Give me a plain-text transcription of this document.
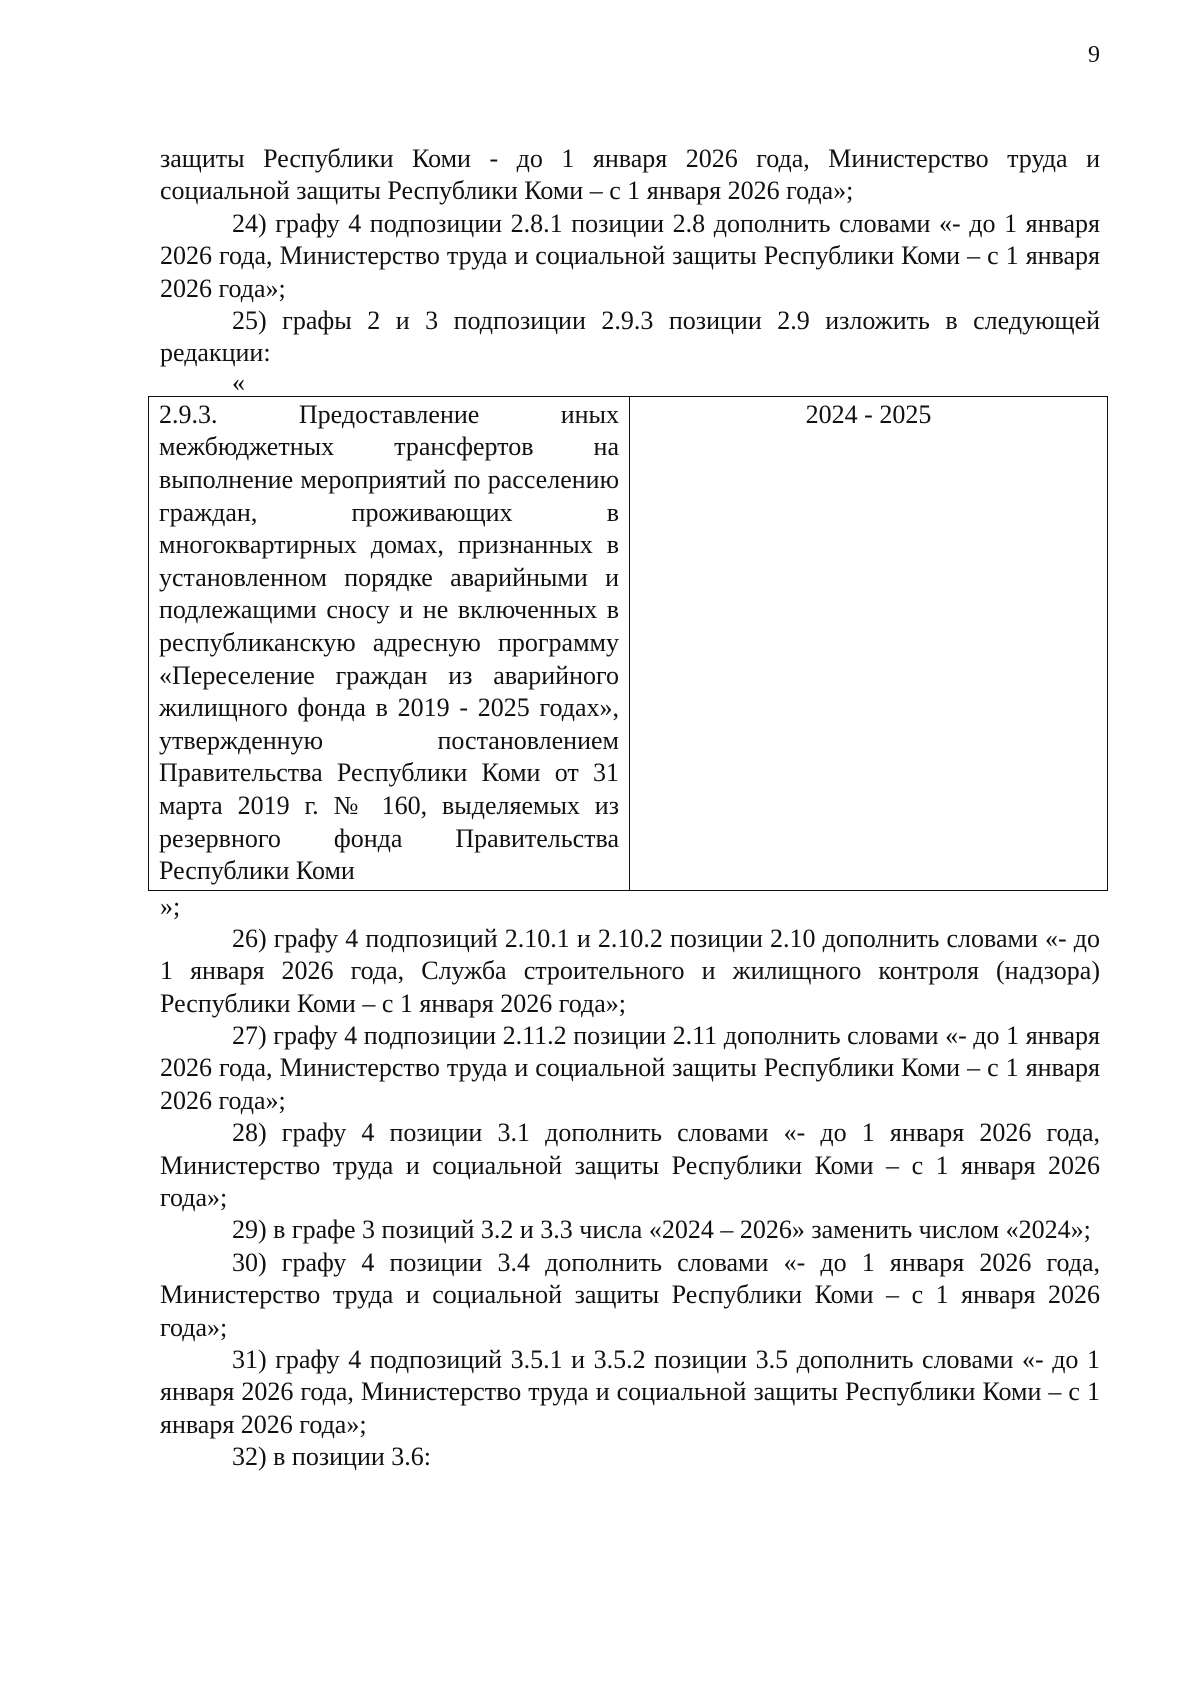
9

защиты Республики Коми - до 1 января 2026 года, Министерство труда и социальной защиты Республики Коми – с 1 января 2026 года»;

24) графу 4 подпозиции 2.8.1 позиции 2.8 дополнить словами «- до 1 января 2026 года, Министерство труда и социальной защиты Республики Коми – с 1 января 2026 года»;

25) графы 2 и 3 подпозиции 2.9.3 позиции 2.9 изложить в следующей редакции:

«

2.9.3. Предоставление иных межбюджетных трансфертов на выполнение мероприятий по расселению граждан, проживающих в многоквартирных домах, признанных в установленном порядке аварийными и подлежащими сносу и не включенных в республиканскую адресную программу «Переселение граждан из аварийного жилищного фонда в 2019 - 2025 годах», утвержденную постановлением Правительства Республики Коми от 31 марта 2019 г. № 160, выделяемых из резервного фонда Правительства Республики Коми	2024 - 2025

»;

26) графу 4 подпозиций 2.10.1 и 2.10.2 позиции 2.10 дополнить словами «- до 1 января 2026 года, Служба строительного и жилищного контроля (надзора) Республики Коми – с 1 января 2026 года»;

27) графу 4 подпозиции 2.11.2 позиции 2.11 дополнить словами «- до 1 января 2026 года, Министерство труда и социальной защиты Республики Коми – с 1 января 2026 года»;

28) графу 4 позиции 3.1 дополнить словами «- до 1 января 2026 года, Министерство труда и социальной защиты Республики Коми – с 1 января 2026 года»;

29) в графе 3 позиций 3.2 и 3.3 числа «2024 – 2026» заменить числом «2024»;

30) графу 4 позиции 3.4 дополнить словами «- до 1 января 2026 года, Министерство труда и социальной защиты Республики Коми – с 1 января 2026 года»;

31) графу 4 подпозиций 3.5.1 и 3.5.2 позиции 3.5 дополнить словами «- до 1 января 2026 года, Министерство труда и социальной защиты Республики Коми – с 1 января 2026 года»;

32) в позиции 3.6:
